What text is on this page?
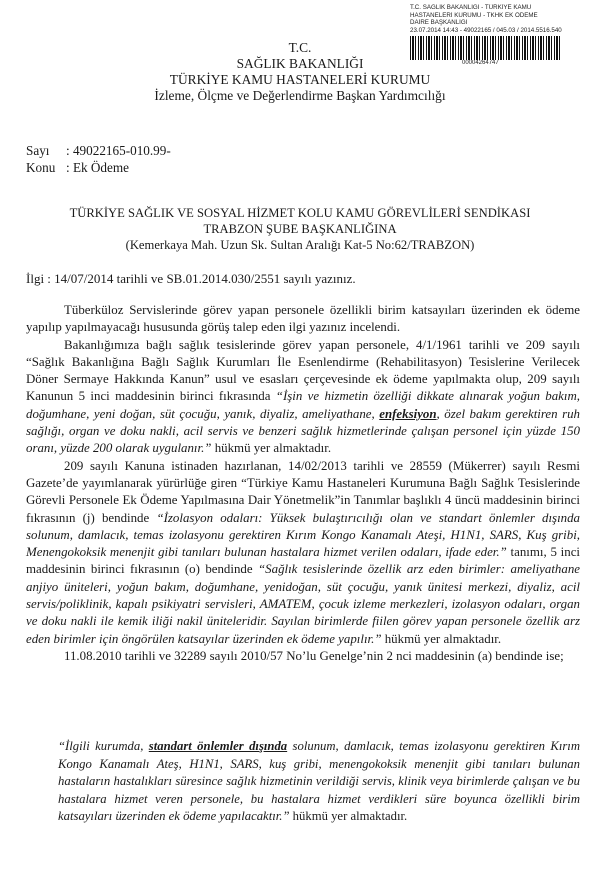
T.C. SAĞLIK BAKANLIĞI - TÜRKİYE KAMU
HASTANELERİ KURUMU - TKHK EK ÖDEME
DAİRE BAŞKANLIĞI
23.07.2014 14:43 - 49022165 / 045.03 / 2014.5516.540
00004264747
T.C.
SAĞLIK BAKANLIĞI
TÜRKİYE KAMU HASTANELERİ KURUMU
İzleme, Ölçme ve Değerlendirme Başkan Yardımcılığı
Sayı : 49022165-010.99-
Konu : Ek Ödeme
TÜRKİYE SAĞLIK VE SOSYAL HİZMET KOLU KAMU GÖREVLİLERİ SENDİKASI
TRABZON ŞUBE BAŞKANLIĞINA
(Kemerkaya Mah. Uzun Sk. Sultan Aralığı Kat-5 No:62/TRABZON)
İlgi : 14/07/2014 tarihli ve SB.01.2014.030/2551 sayılı yazınız.

Tüberküloz Servislerinde görev yapan personele özellikli birim katsayıları üzerinden ek ödeme yapılıp yapılmayacağı hususunda görüş talep eden ilgi yazınız incelendi.

Bakanlığımıza bağlı sağlık tesislerinde görev yapan personele, 4/1/1961 tarihli ve 209 sayılı “Sağlık Bakanlığına Bağlı Sağlık Kurumları İle Esenlendirme (Rehabilitasyon) Tesislerine Verilecek Döner Sermaye Hakkında Kanun” usul ve esasları çerçevesinde ek ödeme yapılmakta olup, 209 sayılı Kanunun 5 inci maddesinin birinci fıkrasında “İşin ve hizmetin özelliği dikkate alınarak yoğun bakım, doğumhane, yeni doğan, süt çocuğu, yanık, diyaliz, ameliyathane, enfeksiyon, özel bakım gerektiren ruh sağlığı, organ ve doku nakli, acil servis ve benzeri sağlık hizmetlerinde çalışan personel için yüzde 150 oranı, yüzde 200 olarak uygulanır.” hükmü yer almaktadır.

209 sayılı Kanuna istinaden hazırlanan, 14/02/2013 tarihli ve 28559 (Mükerrer) sayılı Resmi Gazete’de yayımlanarak yürürlüğe giren “Türkiye Kamu Hastaneleri Kurumuna Bağlı Sağlık Tesislerinde Görevli Personele Ek Ödeme Yapılmasına Dair Yönetmelik”in Tanımlar başlıklı 4 üncü maddesinin birinci fıkrasının (j) bendinde “İzolasyon odaları: Yüksek bulaştırıcılığı olan ve standart önlemler dışında solunum, damlacık, temas izolasyonu gerektiren Kırım Kongo Kanamalı Ateşi, H1N1, SARS, Kuş gribi, Menengokoksik menenjit gibi tanıları bulunan hastalara hizmet verilen odaları, ifade eder.” tanımı, 5 inci maddesinin birinci fıkrasının (o) bendinde “Sağlık tesislerinde özellik arz eden birimler: ameliyathane anjiyo üniteleri, yoğun bakım, doğumhane, yenidoğan, süt çocuğu, yanık ünitesi merkezi, diyaliz, acil servis/poliklinik, kapalı psikiyatri servisleri, AMATEM, çocuk izleme merkezleri, izolasyon odaları, organ ve doku nakli ile kemik iliği nakil üniteleridir. Sayılan birimlerde fiilen görev yapan personele özellik arz eden birimler için öngörülen katsayılar üzerinden ek ödeme yapılır.” hükmü yer almaktadır.

11.08.2010 tarihli ve 32289 sayılı 2010/57 No’lu Genelge’nin 2 nci maddesinin (a) bendinde ise;

“İlgili kurumda, standart önlemler dışında solunum, damlacık, temas izolasyonu gerektiren Kırım Kongo Kanamalı Ateş, H1N1, SARS, kuş gribi, menengokoksik menenjit gibi tanıları bulunan hastaların hastalıkları süresince sağlık hizmetinin verildiği servis, klinik veya birimlerde çalışan ve bu hastalara hizmet veren personele, bu hastalara hizmet verdikleri süre boyunca özellikli birim katsayıları üzerinden ek ödeme yapılacaktır.” hükmü yer almaktadır.
